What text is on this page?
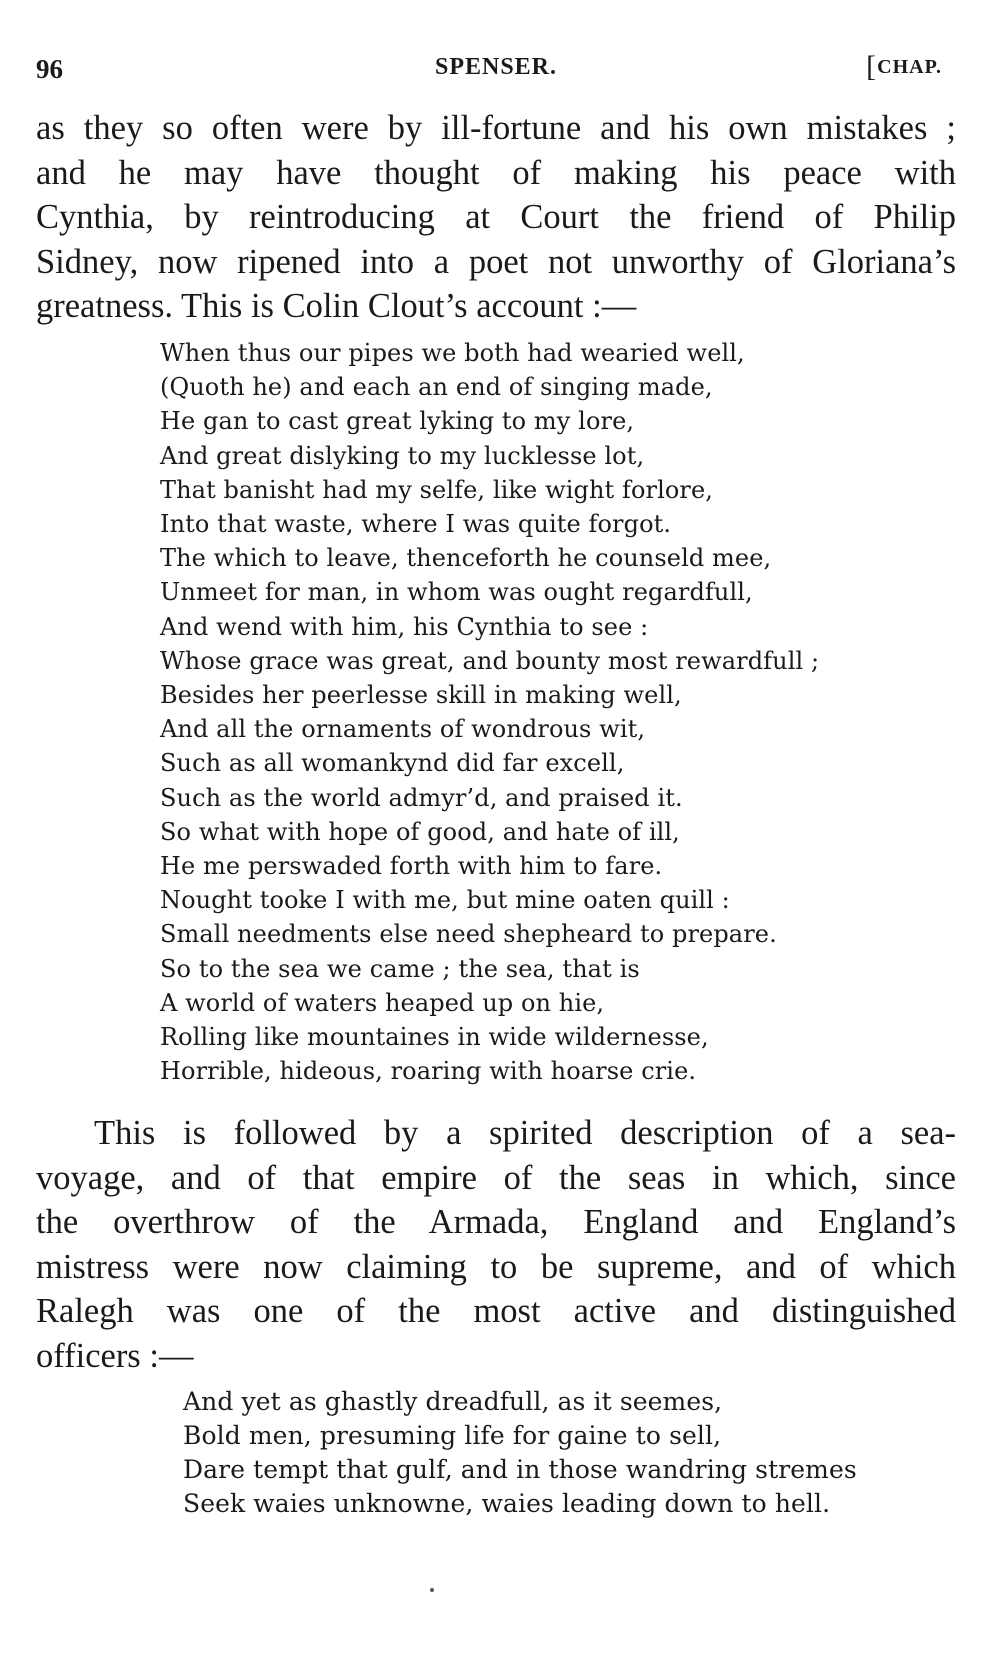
96	SPENSER.	[CHAP.
as they so often were by ill-fortune and his own mistakes ;
and he may have thought of making his peace with
Cynthia, by reintroducing at Court the friend of Philip
Sidney, now ripened into a poet not unworthy of Gloriana’s
greatness. This is Colin Clout’s account :—
When thus our pipes we both had wearied well,
(Quoth he) and each an end of singing made,
He gan to cast great lyking to my lore,
And great dislyking to my lucklesse lot,
That banisht had my selfe, like wight forlore,
Into that waste, where I was quite forgot.
The which to leave, thenceforth he counseld mee,
Unmeet for man, in whom was ought regardfull,
And wend with him, his Cynthia to see :
Whose grace was great, and bounty most rewardfull ;
Besides her peerlesse skill in making well,
And all the ornaments of wondrous wit,
Such as all womankynd did far excell,
Such as the world admyr’d, and praised it.
So what with hope of good, and hate of ill,
He me perswaded forth with him to fare.
Nought tooke I with me, but mine oaten quill :
Small needments else need shepheard to prepare.
So to the sea we came ; the sea, that is
A world of waters heaped up on hie,
Rolling like mountaines in wide wildernesse,
Horrible, hideous, roaring with hoarse crie.
This is followed by a spirited description of a sea-
voyage, and of that empire of the seas in which, since
the overthrow of the Armada, England and England’s
mistress were now claiming to be supreme, and of which
Ralegh was one of the most active and distinguished
officers :—
And yet as ghastly dreadfull, as it seemes,
Bold men, presuming life for gaine to sell,
Dare tempt that gulf, and in those wandring stremes
Seek waies unknowne, waies leading down to hell.
